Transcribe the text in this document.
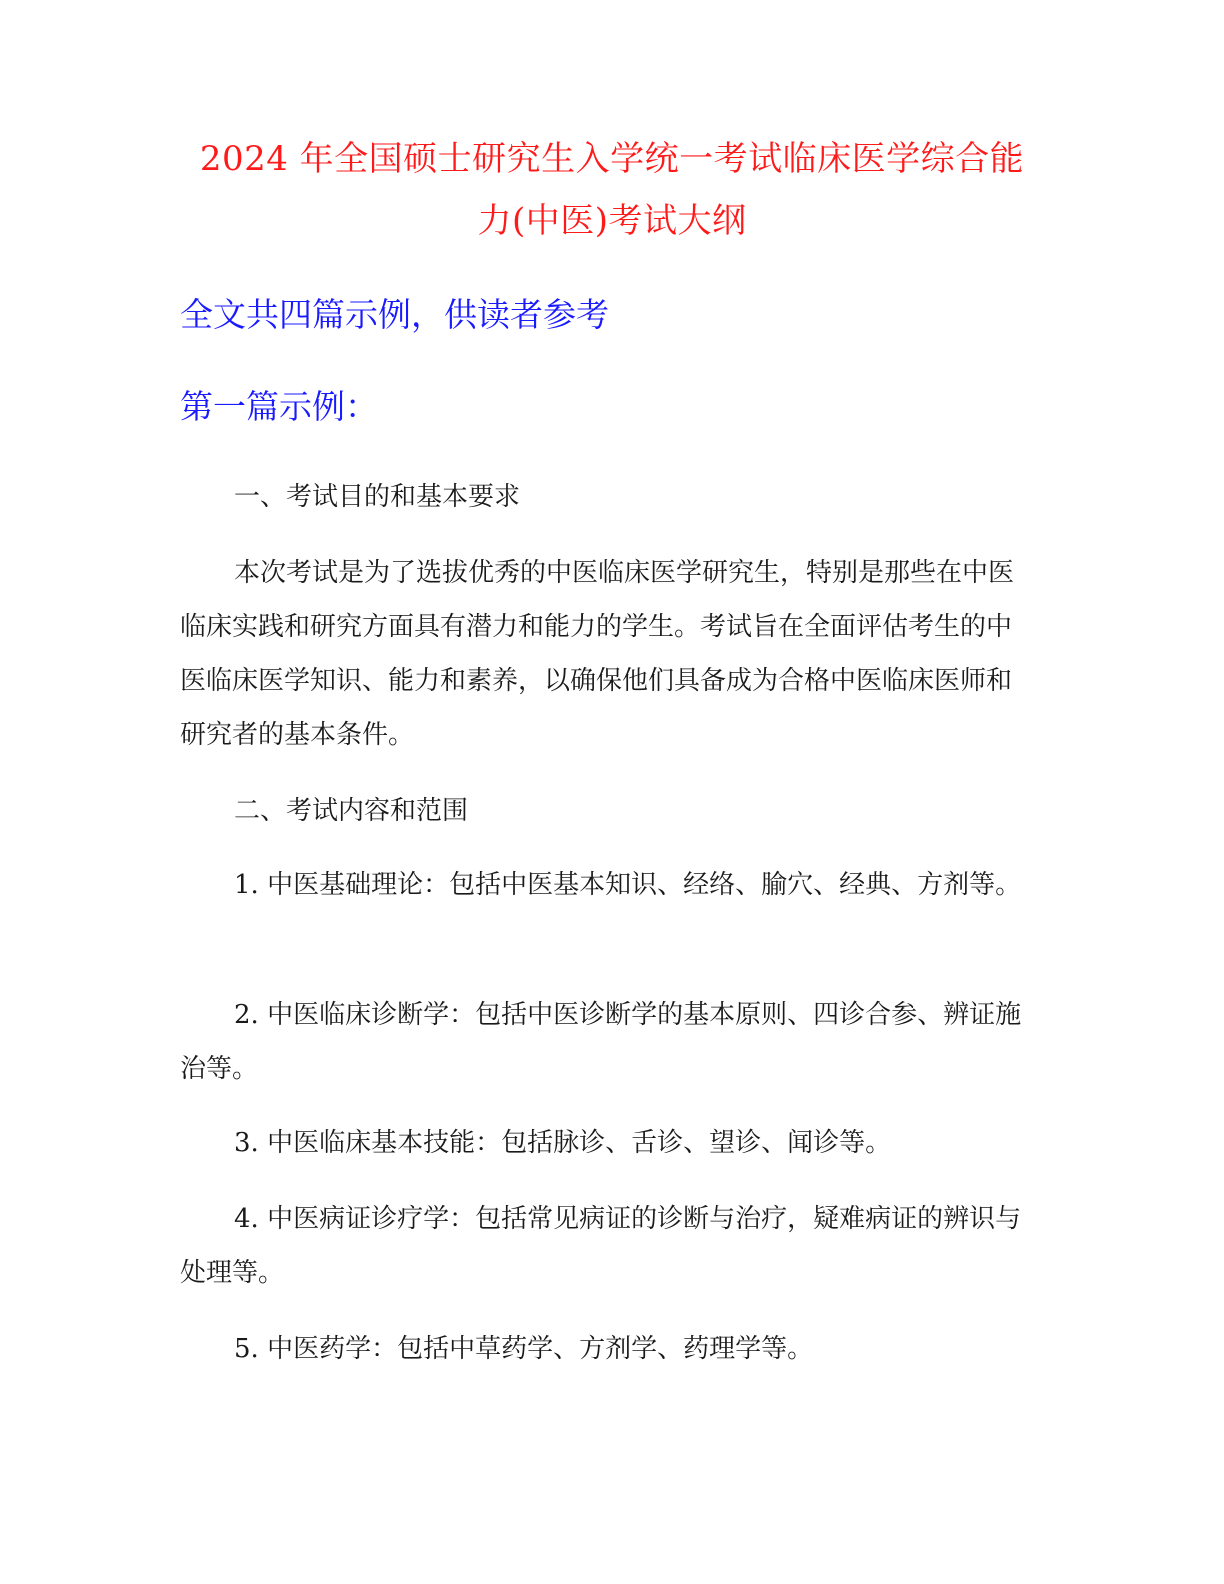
2024 年全国硕士研究生入学统一考试临床医学综合能
力(中医)考试大纲
全文共四篇示例，供读者参考
第一篇示例：
一、考试目的和基本要求
本次考试是为了选拔优秀的中医临床医学研究生，特别是那些在中医临床实践和研究方面具有潜力和能力的学生。考试旨在全面评估考生的中医临床医学知识、能力和素养，以确保他们具备成为合格中医临床医师和研究者的基本条件。
二、考试内容和范围
1. 中医基础理论：包括中医基本知识、经络、腧穴、经典、方剂等。
2. 中医临床诊断学：包括中医诊断学的基本原则、四诊合参、辨证施治等。
3. 中医临床基本技能：包括脉诊、舌诊、望诊、闻诊等。
4. 中医病证诊疗学：包括常见病证的诊断与治疗，疑难病证的辨识与处理等。
5. 中医药学：包括中草药学、方剂学、药理学等。
